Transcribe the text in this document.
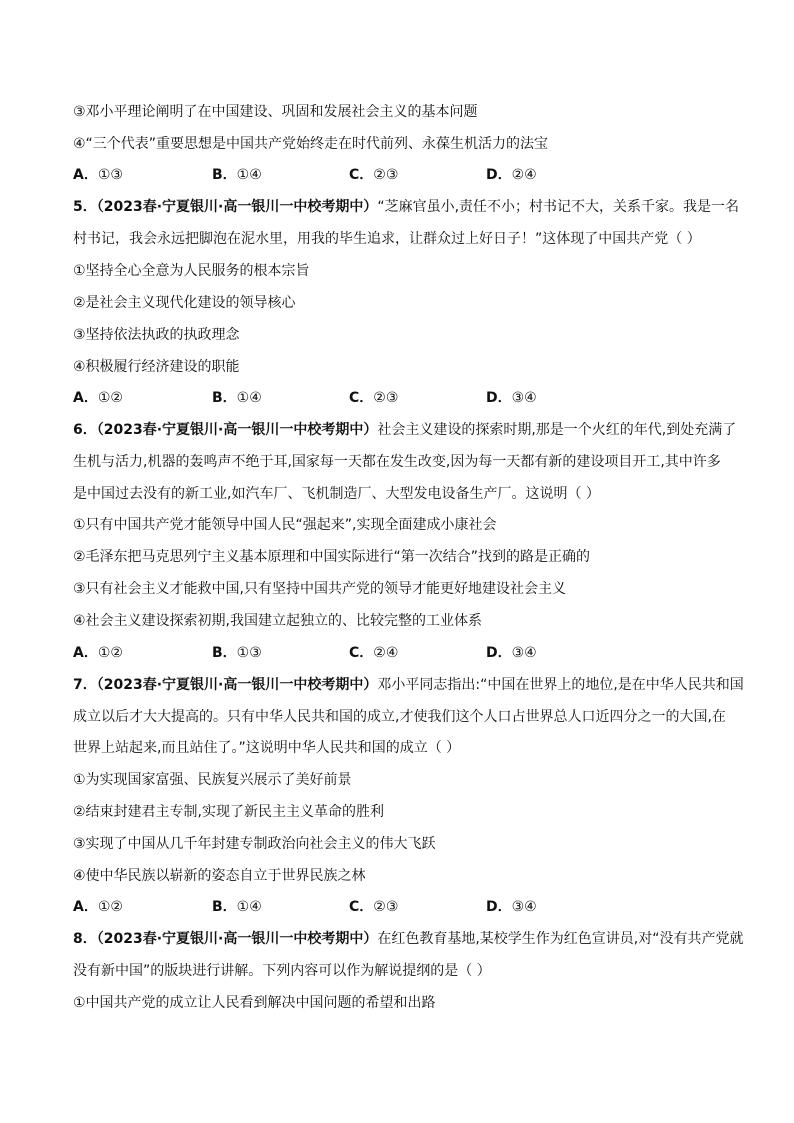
③邓小平理论阐明了在中国建设、巩固和发展社会主义的基本问题
④“三个代表”重要思想是中国共产党始终走在时代前列、永葆生机活力的法宝
A．①③	B．①④	C．②③	D．②④
5．（2023春·宁夏银川·高一银川一中校考期中）“芝麻官虽小,责任不小；村书记不大，关系千家。我是一名
村书记，我会永远把脚泡在泥水里，用我的毕生追求，让群众过上好日子！”这体现了中国共产党（ ）
①坚持全心全意为人民服务的根本宗旨
②是社会主义现代化建设的领导核心
③坚持依法执政的执政理念
④积极履行经济建设的职能
A．①②	B．①④	C．②③	D．③④
6．（2023春·宁夏银川·高一银川一中校考期中）社会主义建设的探索时期,那是一个火红的年代,到处充满了
生机与活力,机器的轰鸣声不绝于耳,国家每一天都在发生改变,因为每一天都有新的建设项目开工,其中许多
是中国过去没有的新工业,如汽车厂、飞机制造厂、大型发电设备生产厂。这说明（ ）
①只有中国共产党才能领导中国人民“强起来”,实现全面建成小康社会
②毛泽东把马克思列宁主义基本原理和中国实际进行“第一次结合”找到的路是正确的
③只有社会主义才能救中国,只有坚持中国共产党的领导才能更好地建设社会主义
④社会主义建设探索初期,我国建立起独立的、比较完整的工业体系
A．①②	B．①③	C．②④	D．③④
7．（2023春·宁夏银川·高一银川一中校考期中）邓小平同志指出:“中国在世界上的地位,是在中华人民共和国
成立以后才大大提高的。只有中华人民共和国的成立,才使我们这个人口占世界总人口近四分之一的大国,在
世界上站起来,而且站住了。”这说明中华人民共和国的成立（ ）
①为实现国家富强、民族复兴展示了美好前景
②结束封建君主专制,实现了新民主主义革命的胜利
③实现了中国从几千年封建专制政治向社会主义的伟大飞跃
④使中华民族以崭新的姿态自立于世界民族之林
A．①②	B．①④	C．②③	D．③④
8．（2023春·宁夏银川·高一银川一中校考期中）在红色教育基地,某校学生作为红色宣讲员,对“没有共产党就
没有新中国”的版块进行讲解。下列内容可以作为解说提纲的是（ ）
①中国共产党的成立让人民看到解决中国问题的希望和出路
